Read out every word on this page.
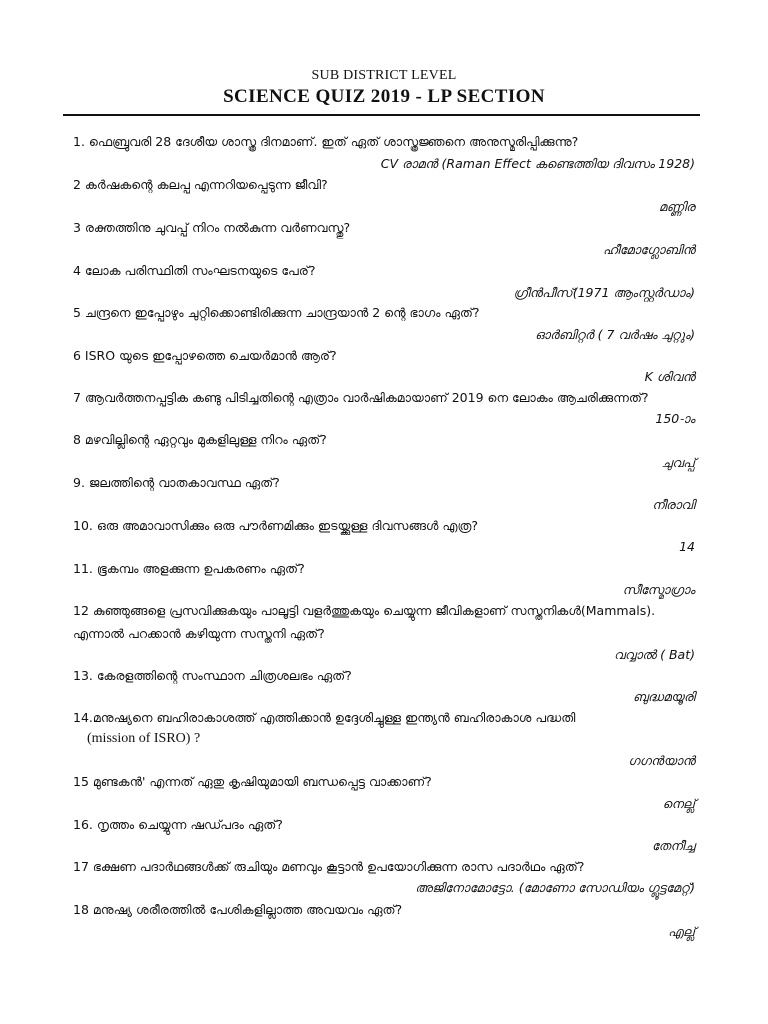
SUB DISTRICT LEVEL
SCIENCE QUIZ 2019 - LP SECTION
1. ഫെബ്രുവരി 28 ദേശീയ ശാസ്ത്ര ദിനമാണ്. ഇത് ഏത് ശാസ്ത്രജ്ഞനെ അനുസ്മരിപ്പിക്കുന്നു?
CV രാമൻ (Raman Effect കണ്ടെത്തിയ ദിവസം 1928)
2 കർഷകന്റെ കലപ്പ എന്നറിയപ്പെടുന്ന ജീവി?
മണ്ണിര
3 രക്തത്തിനു ചുവപ്പ് നിറം നൽകുന്ന വർണവസ്തു?
ഹീമോഗ്ലോബിൻ
4 ലോക പരിസ്ഥിതി സംഘടനയുടെ പേര്?
ഗ്രീൻപീസ്(1971 ആംസ്റ്റർഡാം)
5 ചന്ദ്രനെ ഇപ്പോഴും ചുറ്റിക്കൊണ്ടിരിക്കുന്ന ചാന്ദ്രയാൻ 2 ന്റെ ഭാഗം ഏത്?
ഓർബിറ്റർ ( 7 വർഷം ചുറ്റും)
6 ISRO യുടെ ഇപ്പോഴത്തെ ചെയർമാൻ ആര്?
K ശിവൻ
7 ആവർത്തനപ്പട്ടിക കണ്ടു പിടിച്ചതിന്റെ എത്രാം വാർഷികമായാണ് 2019 നെ ലോകം ആചരിക്കുന്നത്?
150-ാം
8 മഴവില്ലിന്റെ ഏറ്റവും മുകളിലുള്ള നിറം ഏത്?
ചുവപ്പ്
9. ജലത്തിന്റെ വാതകാവസ്ഥ ഏത്?
നീരാവി
10. ഒരു അമാവാസിക്കും ഒരു പൗർണമിക്കും ഇടയ്ക്കുള്ള ദിവസങ്ങൾ എത്ര?
14
11. ഭൂകമ്പം അളക്കുന്ന ഉപകരണം ഏത്?
സീസ്മോഗ്രാം
12 കുഞ്ഞുങ്ങളെ പ്രസവിക്കുകയും പാലൂട്ടി വളർത്തുകയും ചെയ്യുന്ന ജീവികളാണ് സസ്തനികൾ(Mammals).
എന്നാൽ പറക്കാൻ കഴിയുന്ന സസ്തനി ഏത്?
വവ്വാൽ ( Bat)
13. കേരളത്തിന്റെ സംസ്ഥാന ചിത്രശലഭം ഏത്?
ബുദ്ധമയൂരി
14.മനുഷ്യനെ ബഹിരാകാശത്ത് എത്തിക്കാൻ ഉദ്ദേശിച്ചുള്ള ഇന്ത്യൻ ബഹിരാകാശ പദ്ധതി
(mission of ISRO) ?
ഗഗൻയാൻ
15 മുണ്ടകൻ' എന്നത് ഏതു കൃഷിയുമായി ബന്ധപ്പെട്ട വാക്കാണ്?
നെല്ല്
16. നൃത്തം ചെയ്യുന്ന ഷഡ്പദം ഏത്?
തേനീച്ച
17 ഭക്ഷണ പദാർഥങ്ങൾക്ക് രുചിയും മണവും കൂട്ടാൻ ഉപയോഗിക്കുന്ന രാസ പദാർഥം ഏത്?
അജിനോമോട്ടോ. (മോണോ സോഡിയം ഗ്ലൂട്ടമേറ്റ്)
18 മനുഷ്യ ശരീരത്തിൽ പേശികളില്ലാത്ത അവയവം ഏത്?
എല്ല്
